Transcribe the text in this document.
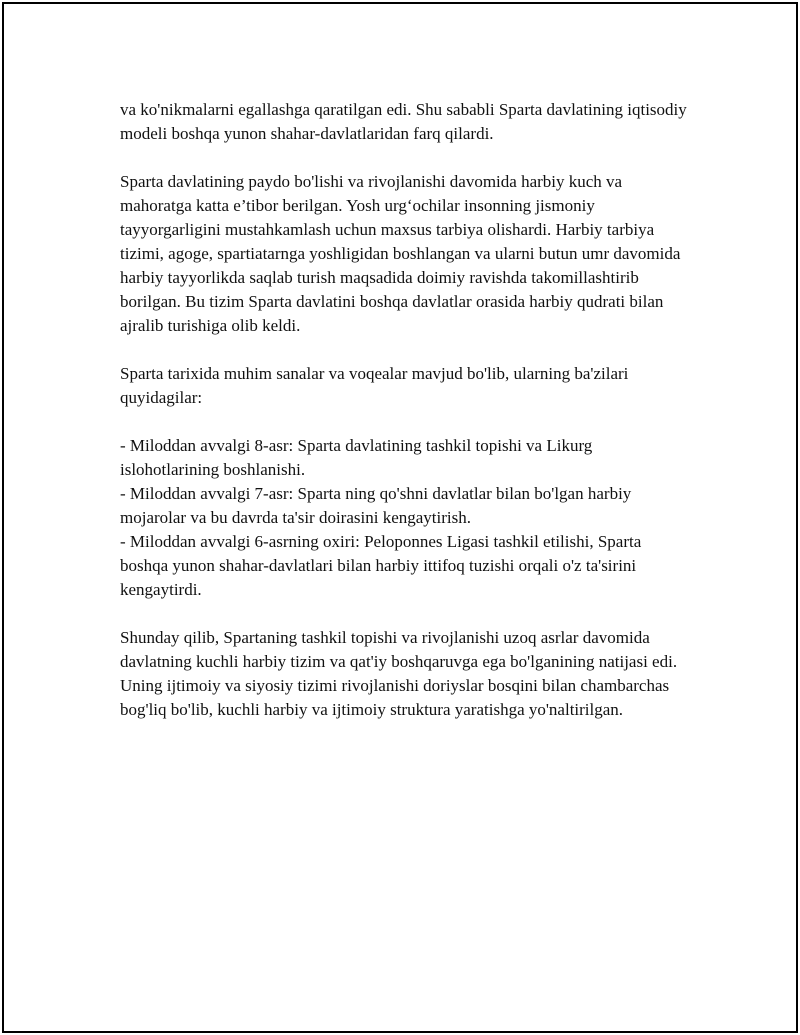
va ko'nikmalarni egallashga qaratilgan edi. Shu sababli Sparta davlatining iqtisodiy modeli boshqa yunon shahar-davlatlaridan farq qilardi.

Sparta davlatining paydo bo'lishi va rivojlanishi davomida harbiy kuch va mahoratga katta e’tibor berilgan. Yosh urg‘ochilar insonning jismoniy tayyorgarligini mustahkamlash uchun maxsus tarbiya olishardi. Harbiy tarbiya tizimi, agoge, spartiatarnga yoshligidan boshlangan va ularni butun umr davomida harbiy tayyorlikda saqlab turish maqsadida doimiy ravishda takomillashtirib borilgan. Bu tizim Sparta davlatini boshqa davlatlar orasida harbiy qudrati bilan ajralib turishiga olib keldi.

Sparta tarixida muhim sanalar va voqealar mavjud bo'lib, ularning ba'zilari quyidagilar:

- Miloddan avvalgi 8-asr: Sparta davlatining tashkil topishi va Likurg islohotlarining boshlanishi.
- Miloddan avvalgi 7-asr: Sparta ning qo'shni davlatlar bilan bo'lgan harbiy mojarolar va bu davrda ta'sir doirasini kengaytirish.
- Miloddan avvalgi 6-asrning oxiri: Peloponnes Ligasi tashkil etilishi, Sparta boshqa yunon shahar-davlatlari bilan harbiy ittifoq tuzishi orqali o'z ta'sirini kengaytirdi.

Shunday qilib, Spartaning tashkil topishi va rivojlanishi uzoq asrlar davomida davlatning kuchli harbiy tizim va qat'iy boshqaruvga ega bo'lganining natijasi edi. Uning ijtimoiy va siyosiy tizimi rivojlanishi doriyslar bosqini bilan chambarchas bog'liq bo'lib, kuchli harbiy va ijtimoiy struktura yaratishga yo'naltirilgan.
